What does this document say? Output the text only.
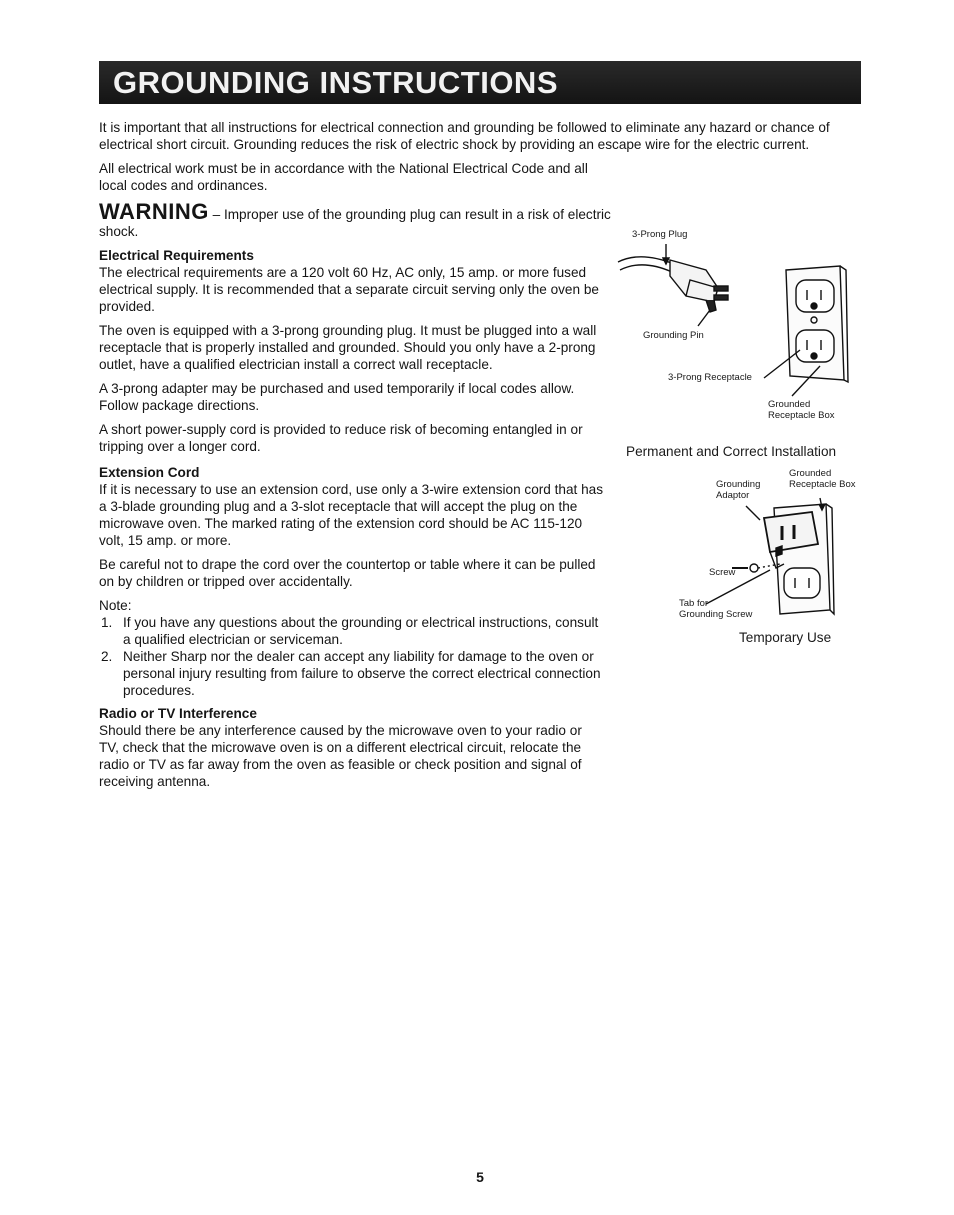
GROUNDING INSTRUCTIONS

It is important that all instructions for electrical connection and grounding be followed to eliminate any hazard or chance of electrical short circuit. Grounding reduces the risk of electric shock by providing an escape wire for the electric current.

All electrical work must be in accordance with the National Electrical Code and all local codes and ordinances.

WARNING – Improper use of the grounding plug can result in a risk of electric shock.

Electrical Requirements

The electrical requirements are a 120 volt 60 Hz, AC only, 15 amp. or more fused electrical supply. It is recommended that a separate circuit serving only the oven be provided.

The oven is equipped with a 3-prong grounding plug. It must be plugged into a wall receptacle that is properly installed and grounded. Should you only have a 2-prong outlet, have a qualified electrician install a correct wall receptacle.

A 3-prong adapter may be purchased and used temporarily if local codes allow. Follow package directions.

A short power-supply cord is provided to reduce risk of becoming entangled in or tripping over a longer cord.

Extension Cord

If it is necessary to use an extension cord, use only a 3-wire extension cord that has a 3-blade grounding plug and a 3-slot receptacle that will accept the plug on the microwave oven. The marked rating of the extension cord should be AC 115-120 volt, 15 amp. or more.

Be careful not to drape the cord over the countertop or table where it can be pulled on by children or tripped over accidentally.

Note:

1. If you have any questions about the grounding or electrical instructions, consult a qualified electrician or serviceman.
2. Neither Sharp nor the dealer can accept any liability for damage to the oven or personal injury resulting from failure to observe the correct electrical connection procedures.
Radio or TV Interference

Should there be any interference caused by the microwave oven to your radio or TV, check that the microwave oven is on a different electrical circuit, relocate the radio or TV as far away from the oven as feasible or check position and signal of receiving antenna.

3-Prong Plug
Grounding Pin
3-Prong Receptacle
Grounded
Receptacle Box
Permanent and Correct Installation
Grounded
Receptacle Box
Grounding
Adaptor
Screw
Tab for
Grounding Screw
Temporary Use
5
